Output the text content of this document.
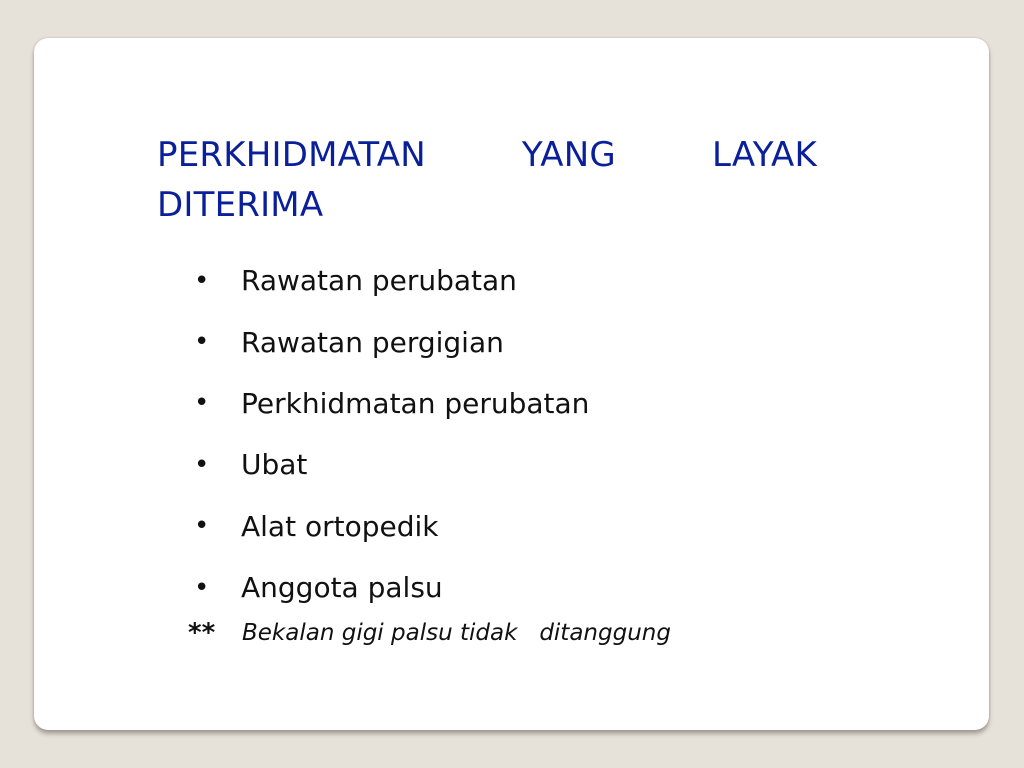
PERKHIDMATAN YANG LAYAK DITERIMA
•	Rawatan perubatan
•	Rawatan pergigian
•	Perkhidmatan perubatan
•	Ubat
•	Alat ortopedik
•	Anggota palsu
**	Bekalan gigi palsu tidak   ditanggung
